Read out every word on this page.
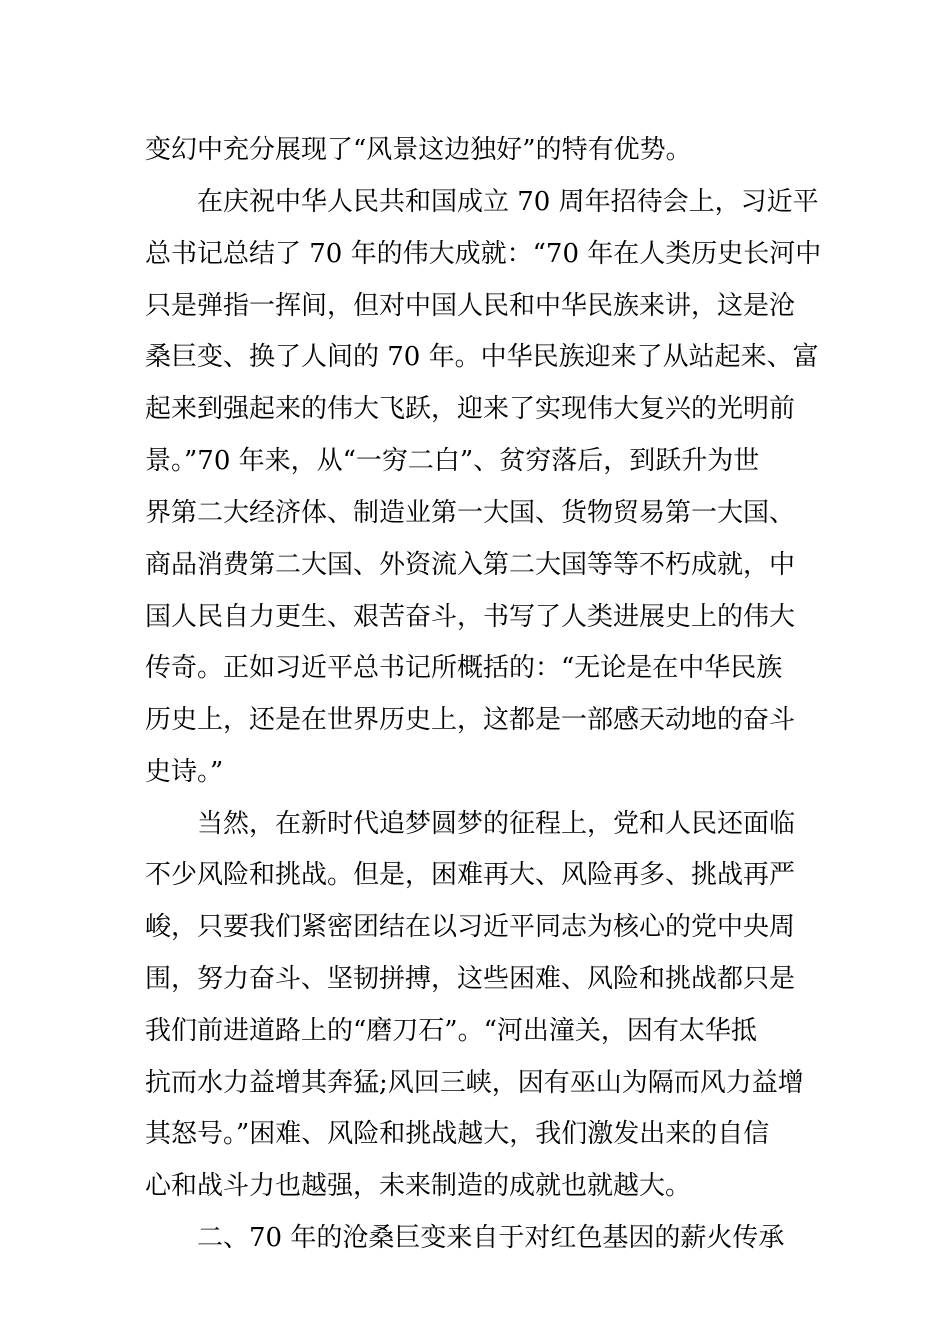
变幻中充分展现了“风景这边独好”的特有优势。
在庆祝中华人民共和国成立 70 周年招待会上，习近平
总书记总结了 70 年的伟大成就：“70 年在人类历史长河中
只是弹指一挥间，但对中国人民和中华民族来讲，这是沧
桑巨变、换了人间的 70 年。中华民族迎来了从站起来、富
起来到强起来的伟大飞跃，迎来了实现伟大复兴的光明前
景。”70 年来，从“一穷二白”、贫穷落后，到跃升为世
界第二大经济体、制造业第一大国、货物贸易第一大国、
商品消费第二大国、外资流入第二大国等等不朽成就，中
国人民自力更生、艰苦奋斗，书写了人类进展史上的伟大
传奇。正如习近平总书记所概括的：“无论是在中华民族
历史上，还是在世界历史上，这都是一部感天动地的奋斗
史诗。”
当然，在新时代追梦圆梦的征程上，党和人民还面临
不少风险和挑战。但是，困难再大、风险再多、挑战再严
峻，只要我们紧密团结在以习近平同志为核心的党中央周
围，努力奋斗、坚韧拼搏，这些困难、风险和挑战都只是
我们前进道路上的“磨刀石”。“河出潼关，因有太华抵
抗而水力益增其奔猛;风回三峡，因有巫山为隔而风力益增
其怒号。”困难、风险和挑战越大，我们激发出来的自信
心和战斗力也越强，未来制造的成就也就越大。
二、70 年的沧桑巨变来自于对红色基因的薪火传承
